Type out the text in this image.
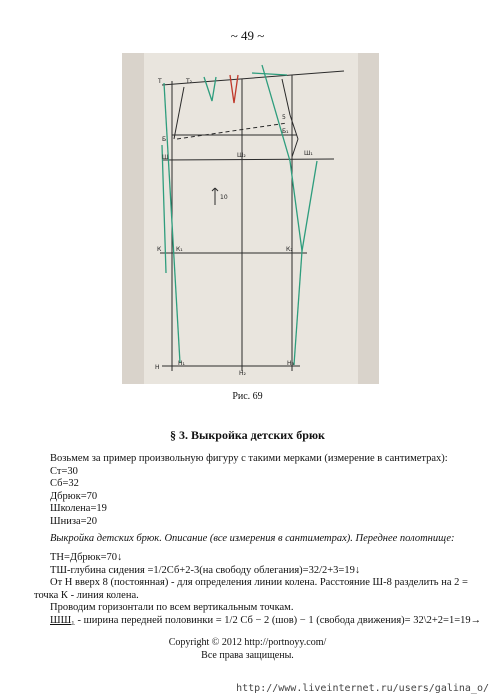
~ 49 ~
Т	Т₂
Б
Б₁
Ш	Ш₂
5
Ш₁
К К₁	К₂
10
Н
Н₁
Н₂
Н₃
Рис. 69
§ 3. Выкройка детских брюк
Возьмем за пример произвольную фигуру с такими мерками (измерение в сантиметрах):
Ст=30
Сб=32
Дбрюк=70
Школена=19
Шниза=20
Выкройка детских брюк. Описание (все измерения в сантиметрах). Переднее полотнище:
ТН=Дбрюк=70↓
ТШ-глубина сидения =1/2Сб+2-3(на свободу облегания)=32/2+3=19↓
От Н вверх 8 (постоянная) - для определения линии колена. Расстояние Ш-8 разделить на 2 =
точка К - линия колена.
Проводим горизонтали по всем вертикальным точкам.
ШШ₁ - ширина передней половинки = 1/2 Сб − 2 (шов) − 1 (свобода движения)= 32\2+2=1=19→
Copyright © 2012 http://portnoyy.com/
Все права защищены.
http://www.liveinternet.ru/users/galina_o/
